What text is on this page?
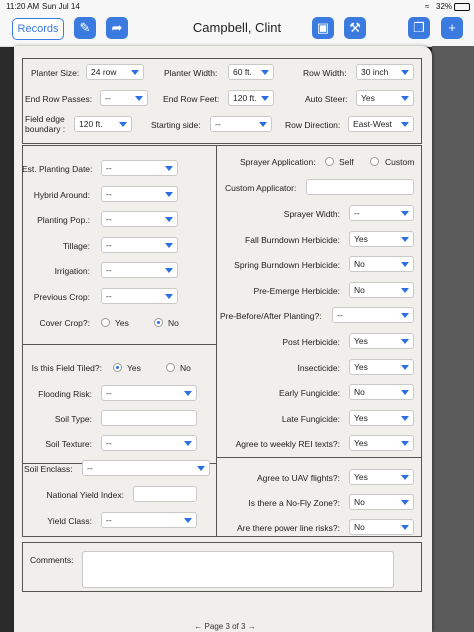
11:20 AM Sun Jul 14	≈ 32%
Records	✎	➦	Campbell, Clint	▣	⚒	❐	+
Planter Size:	24 row	Planter Width:	60 ft.	Row Width:	30 inch
End Row Passes:	--	End Row Feet:	120 ft.	Auto Steer:	Yes
Field edge boundary :	120 ft.	Starting side:	--	Row Direction:	East-West
Est. Planting Date:	--
Hybrid Around:	--
Planting Pop.:	--
Tillage:	--
Irrigation:	--
Previous Crop:	--
Cover Crop?:	Yes	No
Is this Field Tiled?:	Yes	No
Flooding Risk:	--
Soil Type:
Soil Texture:	--
Soil Enclass:	--
National Yield Index:
Yield Class:	--
Sprayer Application:	Self	Custom
Custom Applicator:
Sprayer Width:	--
Fall Burndown Herbicide:	Yes
Spring Burndown Herbicide:	No
Pre-Emerge Herbicide:	No
Pre-Before/After Planting?:	--
Post Herbicide:	Yes
Insecticide:	Yes
Early Fungicide:	No
Late Fungicide:	Yes
Agree to weekly REI texts?:	Yes
Agree to UAV flights?:	Yes
Is there a No-Fly Zone?:	No
Are there power line risks?:	No
Comments:
← Page 3 of 3 →
